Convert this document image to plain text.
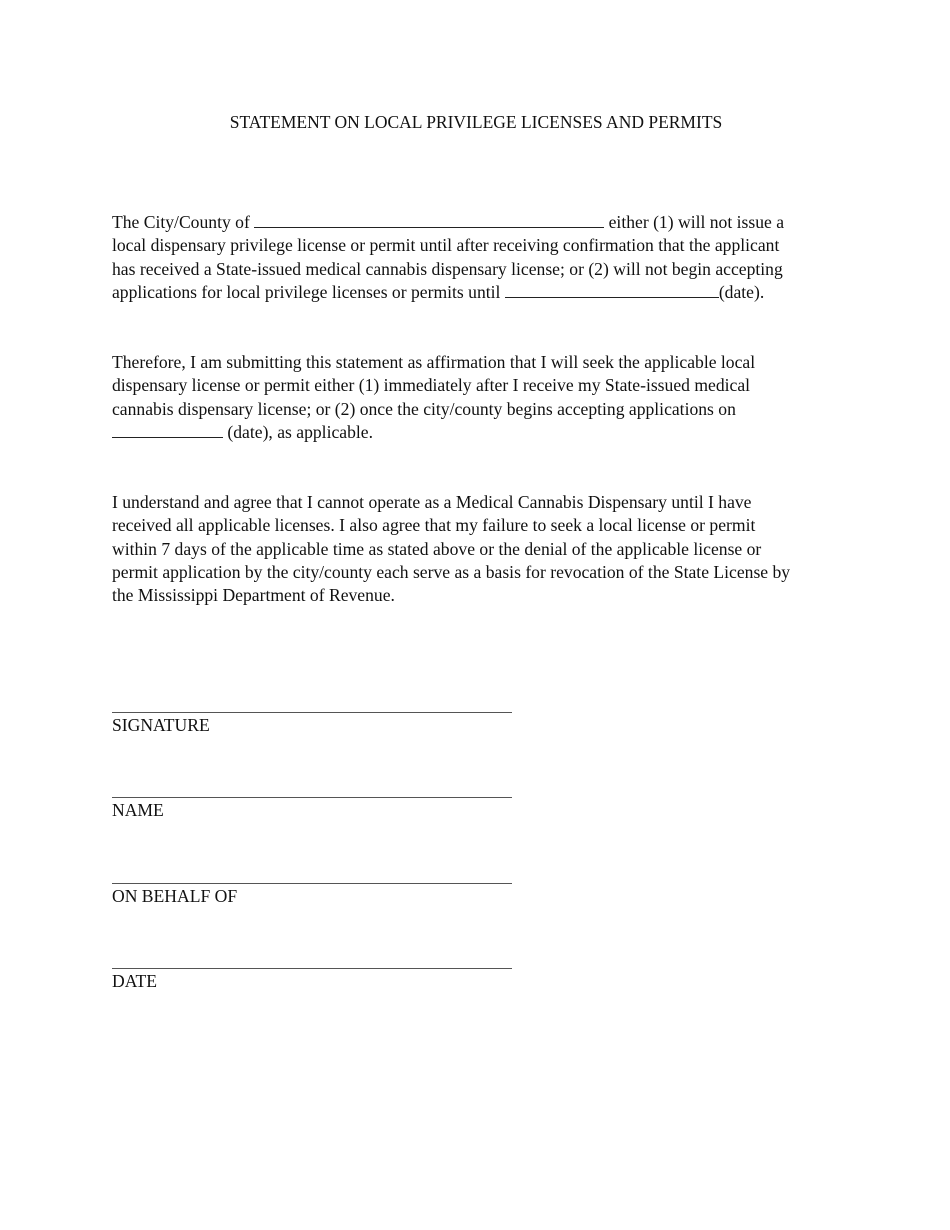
STATEMENT ON LOCAL PRIVILEGE LICENSES AND PERMITS
The City/County of	either (1) will not issue a
local dispensary privilege license or permit until after receiving confirmation that the applicant
has received a State-issued medical cannabis dispensary license; or (2) will not begin accepting
applications for local privilege licenses or permits until	(date).
Therefore, I am submitting this statement as affirmation that I will seek the applicable local
dispensary license or permit either (1) immediately after I receive my State-issued medical
cannabis dispensary license; or (2) once the city/county begins accepting applications on
(date), as applicable.
I understand and agree that I cannot operate as a Medical Cannabis Dispensary until I have
received all applicable licenses. I also agree that my failure to seek a local license or permit
within 7 days of the applicable time as stated above or the denial of the applicable license or
permit application by the city/county each serve as a basis for revocation of the State License by
the Mississippi Department of Revenue.
SIGNATURE
NAME
ON BEHALF OF
DATE
